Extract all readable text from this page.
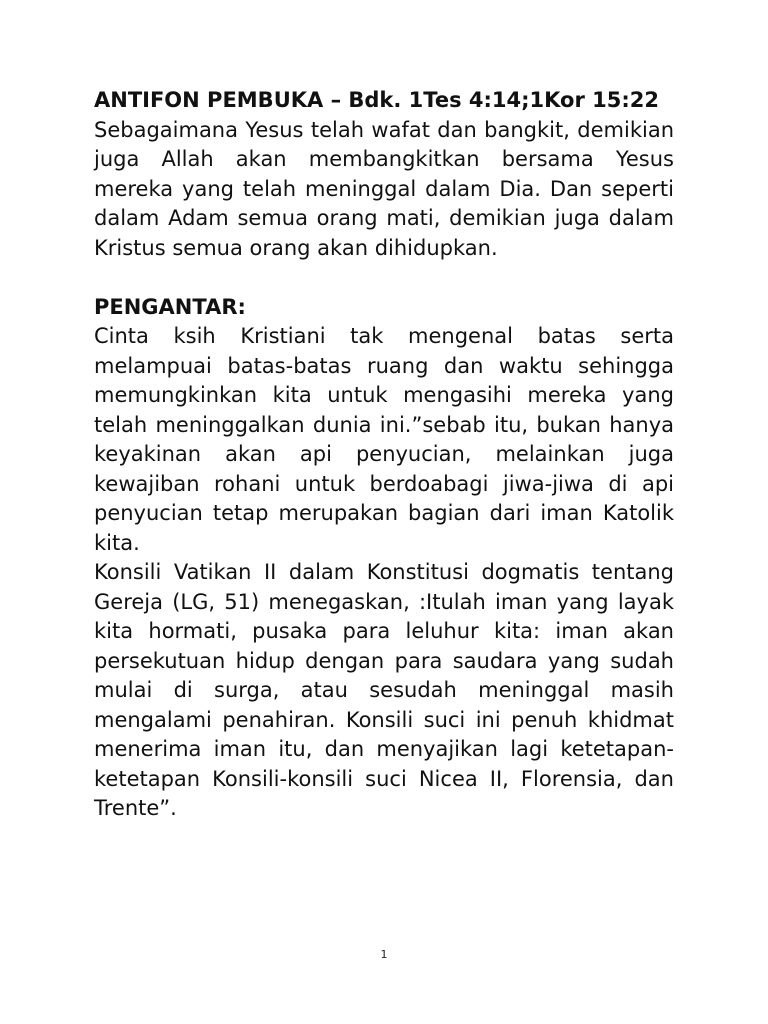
ANTIFON PEMBUKA – Bdk. 1Tes 4:14;1Kor 15:22

Sebagaimana Yesus telah wafat dan bangkit, demikian juga Allah akan membangkitkan bersama Yesus mereka yang telah meninggal dalam Dia. Dan seperti dalam Adam semua orang mati, demikian juga dalam Kristus semua orang akan dihidupkan.

PENGANTAR:

Cinta ksih Kristiani tak mengenal batas serta melampuai batas-batas ruang dan waktu sehingga memungkinkan kita untuk mengasihi mereka yang telah meninggalkan dunia ini.”sebab itu, bukan hanya keyakinan akan api penyucian, melainkan juga kewajiban rohani untuk berdoabagi jiwa-jiwa di api penyucian tetap merupakan bagian dari iman Katolik kita.

Konsili Vatikan II dalam Konstitusi dogmatis tentang Gereja (LG, 51) menegaskan, :Itulah iman yang layak kita hormati, pusaka para leluhur kita: iman akan persekutuan hidup dengan para saudara yang sudah mulai di surga, atau sesudah meninggal masih mengalami penahiran. Konsili suci ini penuh khidmat menerima iman itu, dan menyajikan lagi ketetapan-ketetapan Konsili-konsili suci Nicea II, Florensia, dan Trente”.

1
